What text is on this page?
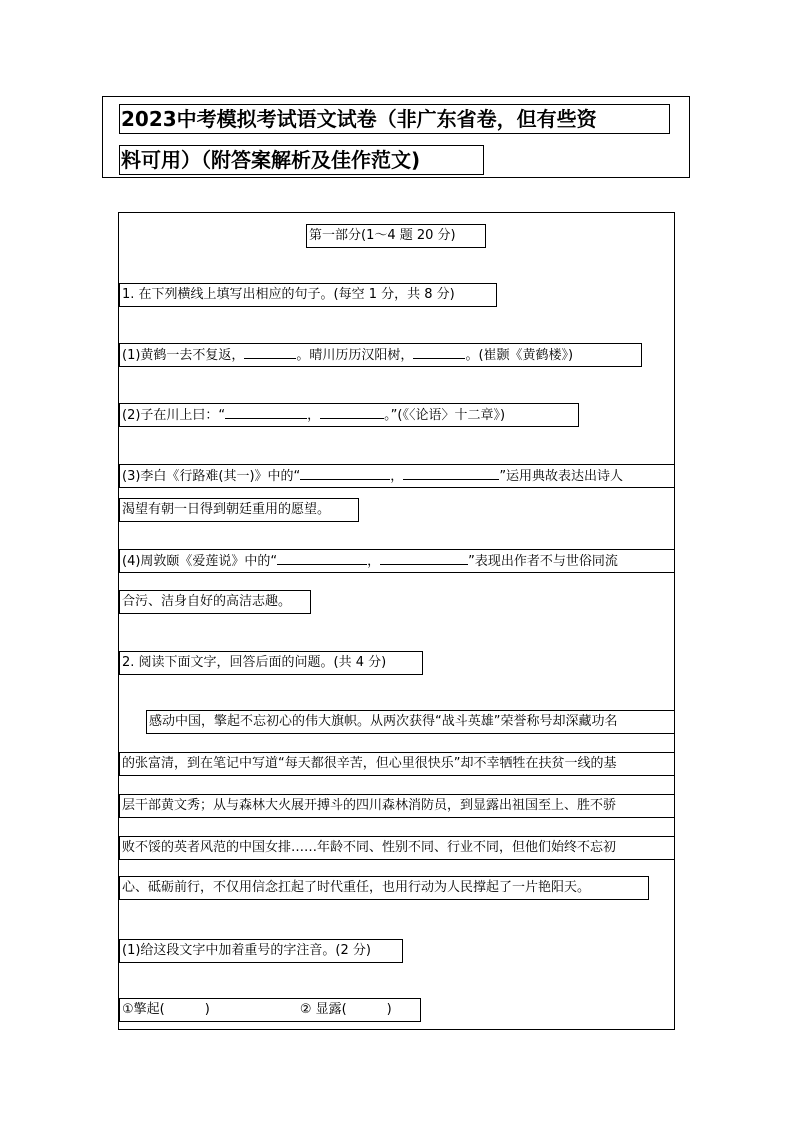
2023中考模拟考试语文试卷（非广东省卷，但有些资
料可用）（附答案解析及佳作范文)
第一部分(1～4 题 20 分)
1. 在下列横线上填写出相应的句子。(每空 1 分，共 8 分)
(1)黄鹤一去不复返，	。晴川历历汉阳树，	。(崔颢《黄鹤楼》)
(2)子在川上曰：“	，	。”(《〈论语〉十二章》)
(3)李白《行路难(其一)》中的“	，	”运用典故表达出诗人
渴望有朝一日得到朝廷重用的愿望。
(4)周敦颐《爱莲说》中的“	，	”表现出作者不与世俗同流
合污、洁身自好的高洁志趣。
2. 阅读下面文字，回答后面的问题。(共 4 分)
感动中国，擎起不忘初心的伟大旗帜。从两次获得“战斗英雄”荣誉称号却深藏功名
的张富清，到在笔记中写道“每天都很辛苦，但心里很快乐”却不幸牺牲在扶贫一线的基
层干部黄文秀；从与森林大火展开搏斗的四川森林消防员，到显露出祖国至上、胜不骄
败不馁的英者风范的中国女排……年龄不同、性别不同、行业不同，但他们始终不忘初
心、砥砺前行，不仅用信念扛起了时代重任，也用行动为人民撑起了一片艳阳天。
(1)给这段文字中加着重号的字注音。(2 分)
①擎起(	)	② 显露(	)
